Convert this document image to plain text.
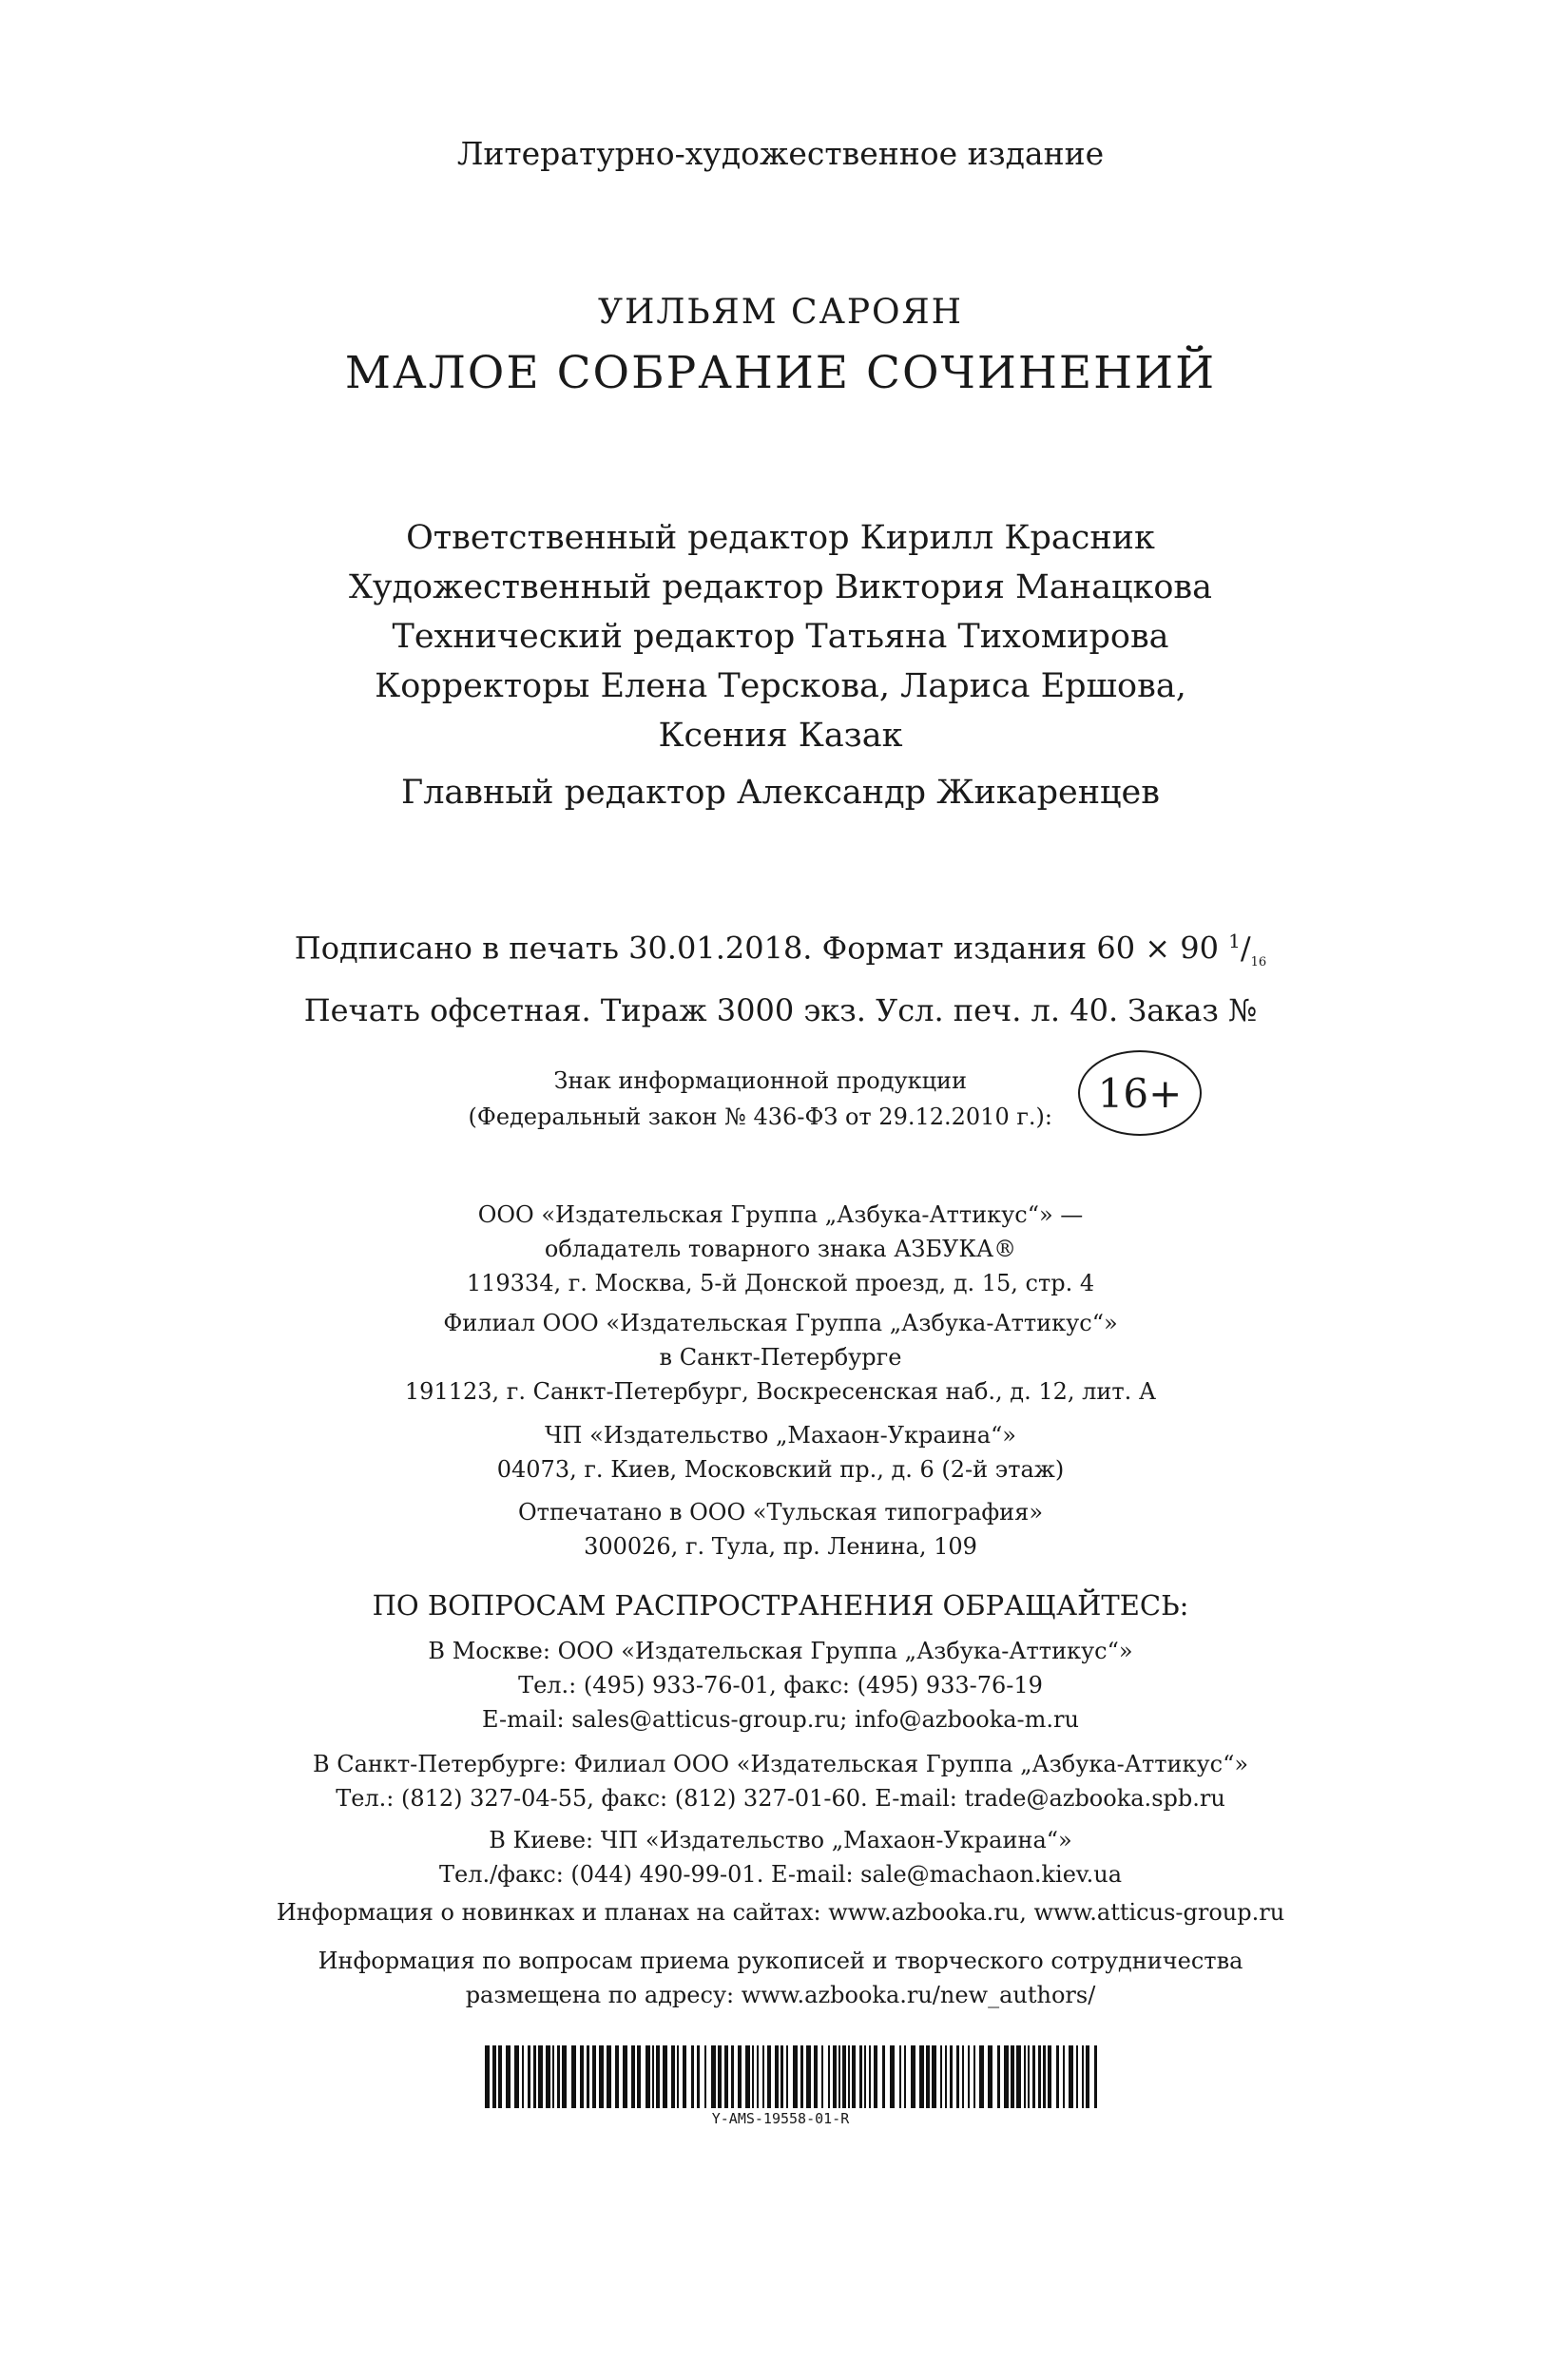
Литературно-художественное издание
УИЛЬЯМ САРОЯН
МАЛОЕ СОБРАНИЕ СОЧИНЕНИЙ
Ответственный редактор Кирилл Красник
Художественный редактор Виктория Манацкова
Технический редактор Татьяна Тихомирова
Корректоры Елена Терскова, Лариса Ершова,
Ксения Казак
Главный редактор Александр Жикаренцев
Подписано в печать 30.01.2018. Формат издания 60 × 90 $^1/_{16}$
Печать офсетная. Тираж 3000 экз. Усл. печ. л. 40. Заказ №
Знак информационной продукции
(Федеральный закон № 436-ФЗ от 29.12.2010 г.):
16+
ООО «Издательская Группа „Азбука-Аттикус“» —
обладатель товарного знака АЗБУКА®
119334, г. Москва, 5-й Донской проезд, д. 15, стр. 4
Филиал ООО «Издательская Группа „Азбука-Аттикус“»
в Санкт-Петербурге
191123, г. Санкт-Петербург, Воскресенская наб., д. 12, лит. А
ЧП «Издательство „Махаон-Украина“»
04073, г. Киев, Московский пр., д. 6 (2-й этаж)
Отпечатано в ООО «Тульская типография»
300026, г. Тула, пр. Ленина, 109
ПО ВОПРОСАМ РАСПРОСТРАНЕНИЯ ОБРАЩАЙТЕСЬ:
В Москве: ООО «Издательская Группа „Азбука-Аттикус“»
Тел.: (495) 933-76-01, факс: (495) 933-76-19
E-mail: sales@atticus-group.ru; info@azbooka-m.ru
В Санкт-Петербурге: Филиал ООО «Издательская Группа „Азбука-Аттикус“»
Тел.: (812) 327-04-55, факс: (812) 327-01-60. E-mail: trade@azbooka.spb.ru
В Киеве: ЧП «Издательство „Махаон-Украина“»
Тел./факс: (044) 490-99-01. E-mail: sale@machaon.kiev.ua
Информация о новинках и планах на сайтах: www.azbooka.ru, www.atticus-group.ru
Информация по вопросам приема рукописей и творческого сотрудничества
размещена по адресу: www.azbooka.ru/new_authors/
Y-AMS-19558-01-R
